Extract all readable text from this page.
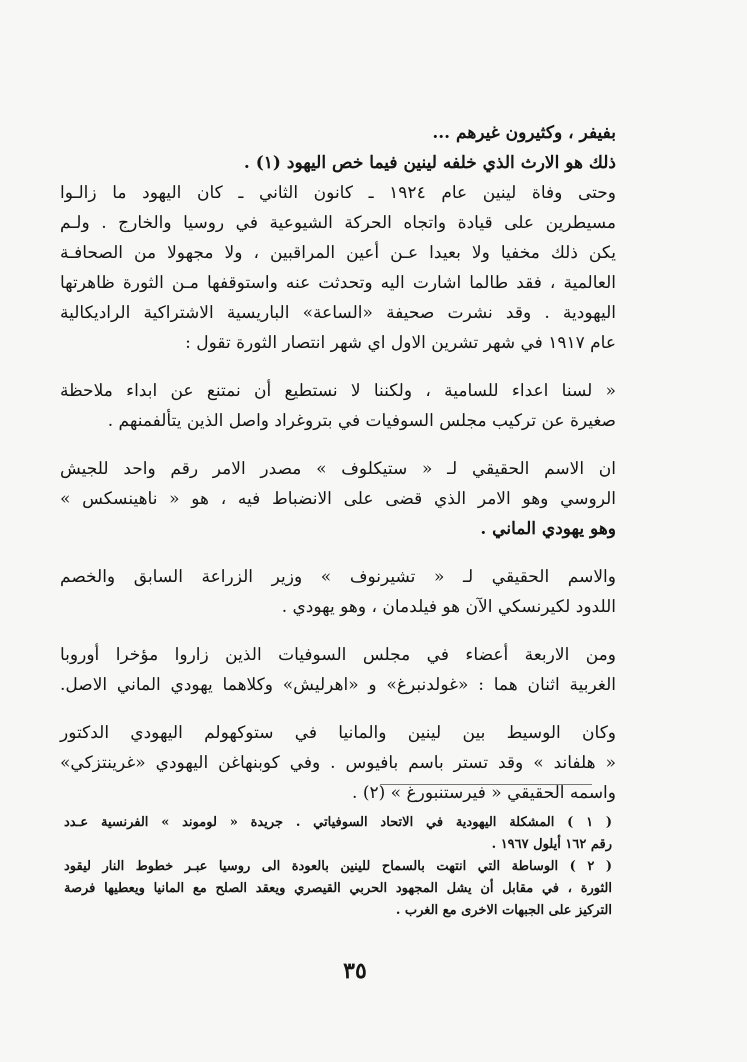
بفيفر ، وكثيرون غيرهم ...
ذلك هو الارث الذي خلفه لينين فيما خص اليهود (١) .
وحتى وفاة لينين عام ١٩٢٤ ـ كانون الثاني ـ كان اليهود ما زالـوا
مسيطرين على قيادة واتجاه الحركة الشيوعية في روسيا والخارج . ولـم
يكن ذلك مخفيا ولا بعيدا عـن أعين المراقبين ، ولا مجهولا من الصحافـة
العالمية ، فقد طالما اشارت اليه وتحدثت عنه واستوقفها مـن الثورة ظاهرتها
اليهودية . وقد نشرت صحيفة «الساعة» الباريسية الاشتراكية الراديكالية
عام ١٩١٧ في شهر تشرين الاول اي شهر انتصار الثورة تقول :
« لسنا اعداء للسامية ، ولكننا لا نستطيع أن نمتنع عن ابداء ملاحظة
صغيرة عن تركيب مجلس السوفيات في بتروغراد واصل الذين يتألفمنهم .
ان الاسم الحقيقي لـ « ستيكلوف » مصدر الامر رقم واحد للجيش
الروسي وهو الامر الذي قضى على الانضباط فيه ، هو « ناهينسكس »
وهو يهودي الماني .
والاسم الحقيقي لـ « تشيرنوف » وزير الزراعة السابق والخصم
اللدود لكيرنسكي الآن هو فيلدمان ، وهو يهودي .
ومن الاربعة أعضاء في مجلس السوفيات الذين زاروا مؤخرا أوروبا
الغربية اثنان هما : «غولدنبرغ» و «اهرليش» وكلاهما يهودي الماني الاصل.
وكان الوسيط بين لينين والمانيا في ستوكهولم اليهودي الدكتور
« هلفاند » وقد تستر باسم بافيوس . وفي كوبنهاغن اليهودي «غرينتزكي»
واسمه الحقيقي « فيرستنبورغ » (٢) .
( ١ ) المشكلة اليهودية في الاتحاد السوفياتي . جريدة « لوموند » الفرنسية عـدد
رقم ١٦٢ أيلول ١٩٦٧ .
( ٢ ) الوساطة التي انتهت بالسماح للينين بالعودة الى روسيا عبـر خطوط النار ليقود
الثورة ، في مقابل أن يشل المجهود الحربي القيصري ويعقد الصلح مع المانيا ويعطيها فرصة
التركيز على الجبهات الاخرى مع الغرب .
٣٥
